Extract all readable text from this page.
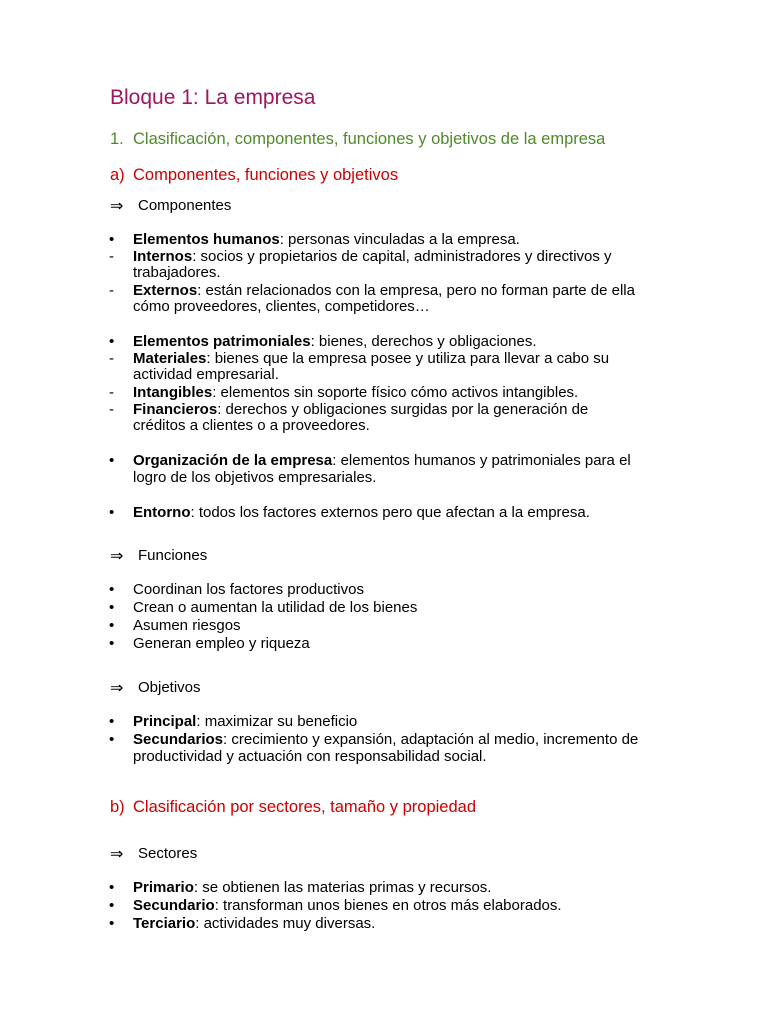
Bloque 1: La empresa
1. Clasificación, componentes, funciones y objetivos de la empresa
a) Componentes, funciones y objetivos
⇒ Componentes
•	Elementos humanos: personas vinculadas a la empresa.
-	Internos: socios y propietarios de capital, administradores y directivos y
trabajadores.
-	Externos: están relacionados con la empresa, pero no forman parte de ella
cómo proveedores, clientes, competidores…
•	Elementos patrimoniales: bienes, derechos y obligaciones.
-	Materiales: bienes que la empresa posee y utiliza para llevar a cabo su
actividad empresarial.
-	Intangibles: elementos sin soporte físico cómo activos intangibles.
-	Financieros: derechos y obligaciones surgidas por la generación de
créditos a clientes o a proveedores.
•	Organización de la empresa: elementos humanos y patrimoniales para el
logro de los objetivos empresariales.
•	Entorno: todos los factores externos pero que afectan a la empresa.
⇒ Funciones
•	Coordinan los factores productivos
•	Crean o aumentan la utilidad de los bienes
•	Asumen riesgos
•	Generan empleo y riqueza
⇒ Objetivos
•	Principal: maximizar su beneficio
•	Secundarios: crecimiento y expansión, adaptación al medio, incremento de
productividad y actuación con responsabilidad social.
b) Clasificación por sectores, tamaño y propiedad
⇒ Sectores
•	Primario: se obtienen las materias primas y recursos.
•	Secundario: transforman unos bienes en otros más elaborados.
•	Terciario: actividades muy diversas.
